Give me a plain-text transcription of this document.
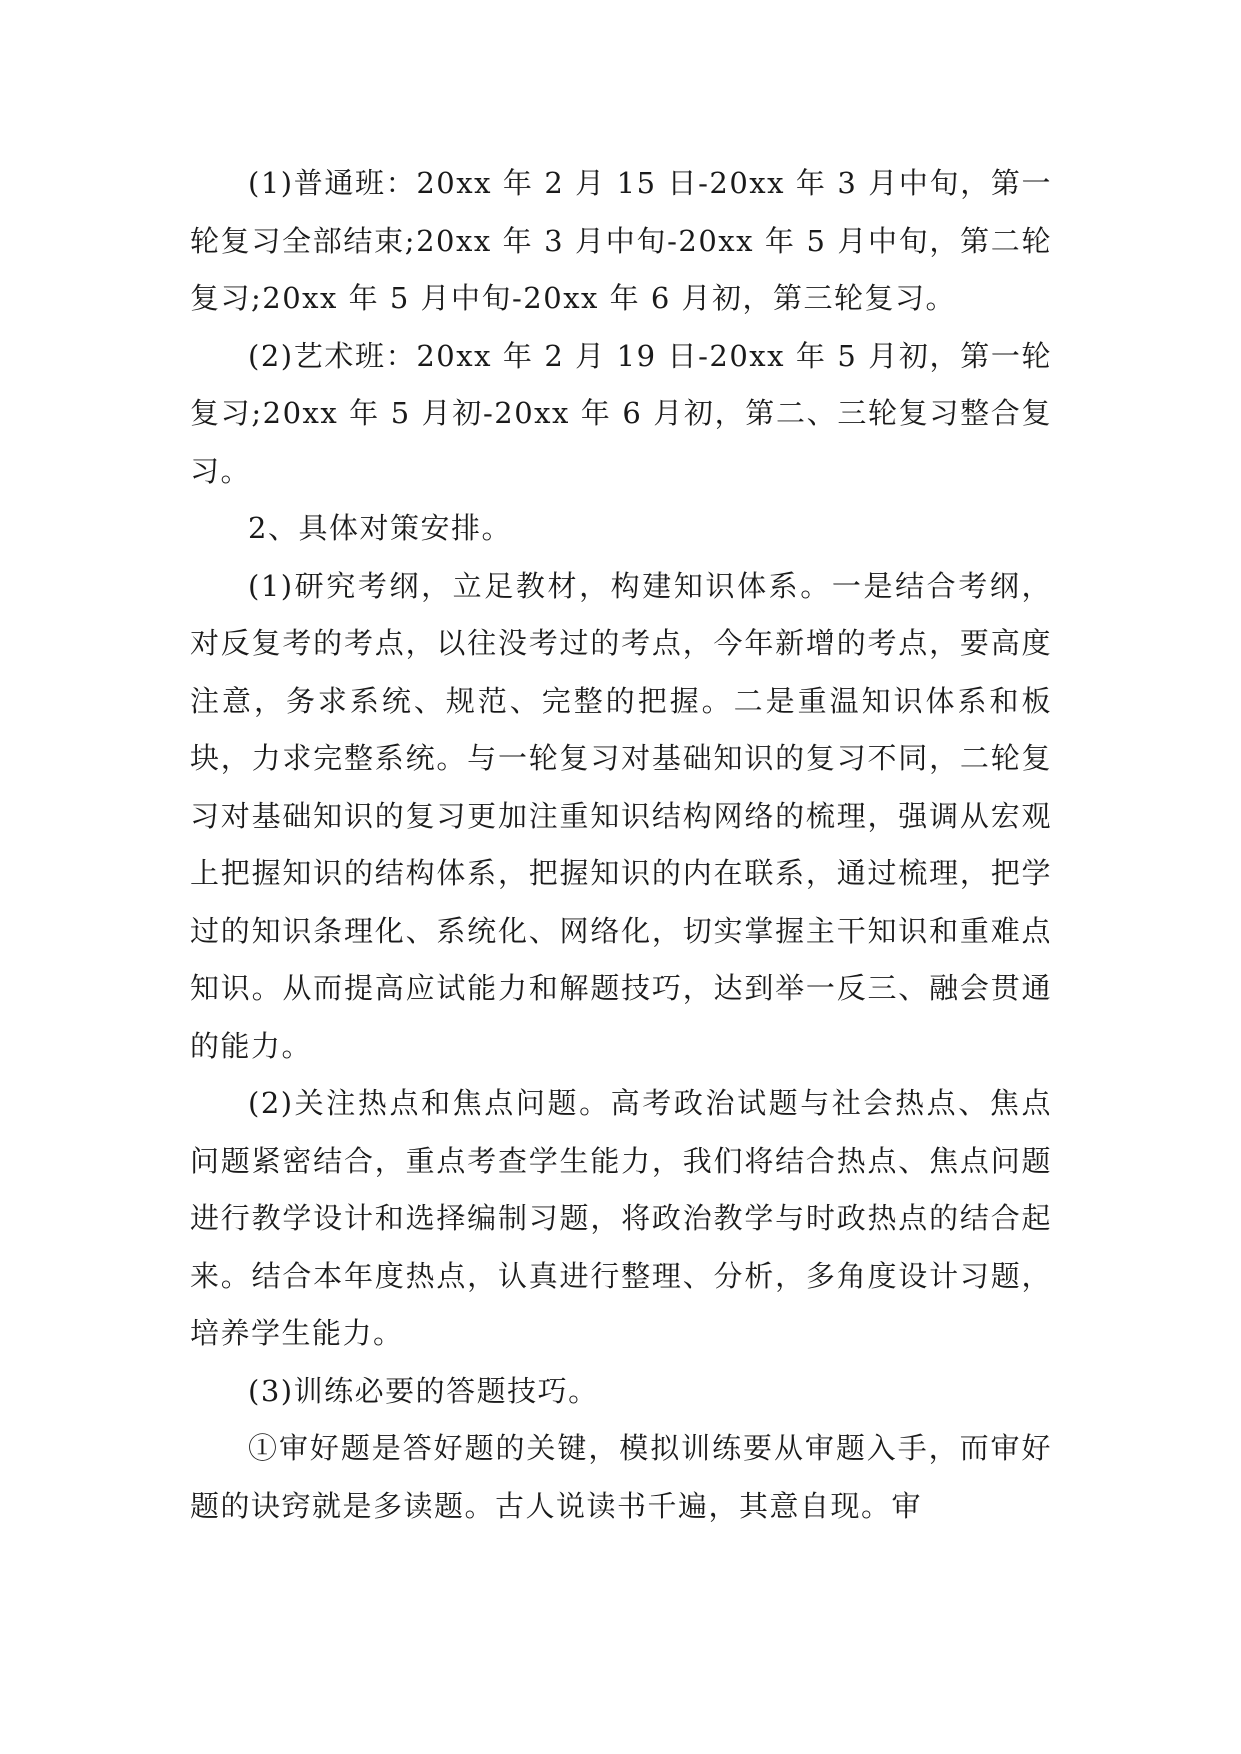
(1)普通班：20xx 年 2 月 15 日-20xx 年 3 月中旬，第一轮复习全部结束;20xx 年 3 月中旬-20xx 年 5 月中旬，第二轮复习;20xx 年 5 月中旬-20xx 年 6 月初，第三轮复习。

(2)艺术班：20xx 年 2 月 19 日-20xx 年 5 月初，第一轮复习;20xx 年 5 月初-20xx 年 6 月初，第二、三轮复习整合复习。

2、具体对策安排。

(1)研究考纲，立足教材，构建知识体系。一是结合考纲，对反复考的考点，以往没考过的考点，今年新增的考点，要高度注意，务求系统、规范、完整的把握。二是重温知识体系和板块，力求完整系统。与一轮复习对基础知识的复习不同，二轮复习对基础知识的复习更加注重知识结构网络的梳理，强调从宏观上把握知识的结构体系，把握知识的内在联系，通过梳理，把学过的知识条理化、系统化、网络化，切实掌握主干知识和重难点知识。从而提高应试能力和解题技巧，达到举一反三、融会贯通的能力。

(2)关注热点和焦点问题。高考政治试题与社会热点、焦点问题紧密结合，重点考查学生能力，我们将结合热点、焦点问题进行教学设计和选择编制习题，将政治教学与时政热点的结合起来。结合本年度热点，认真进行整理、分析，多角度设计习题，培养学生能力。

(3)训练必要的答题技巧。

①审好题是答好题的关键，模拟训练要从审题入手，而审好题的诀窍就是多读题。古人说读书千遍，其意自现。审
